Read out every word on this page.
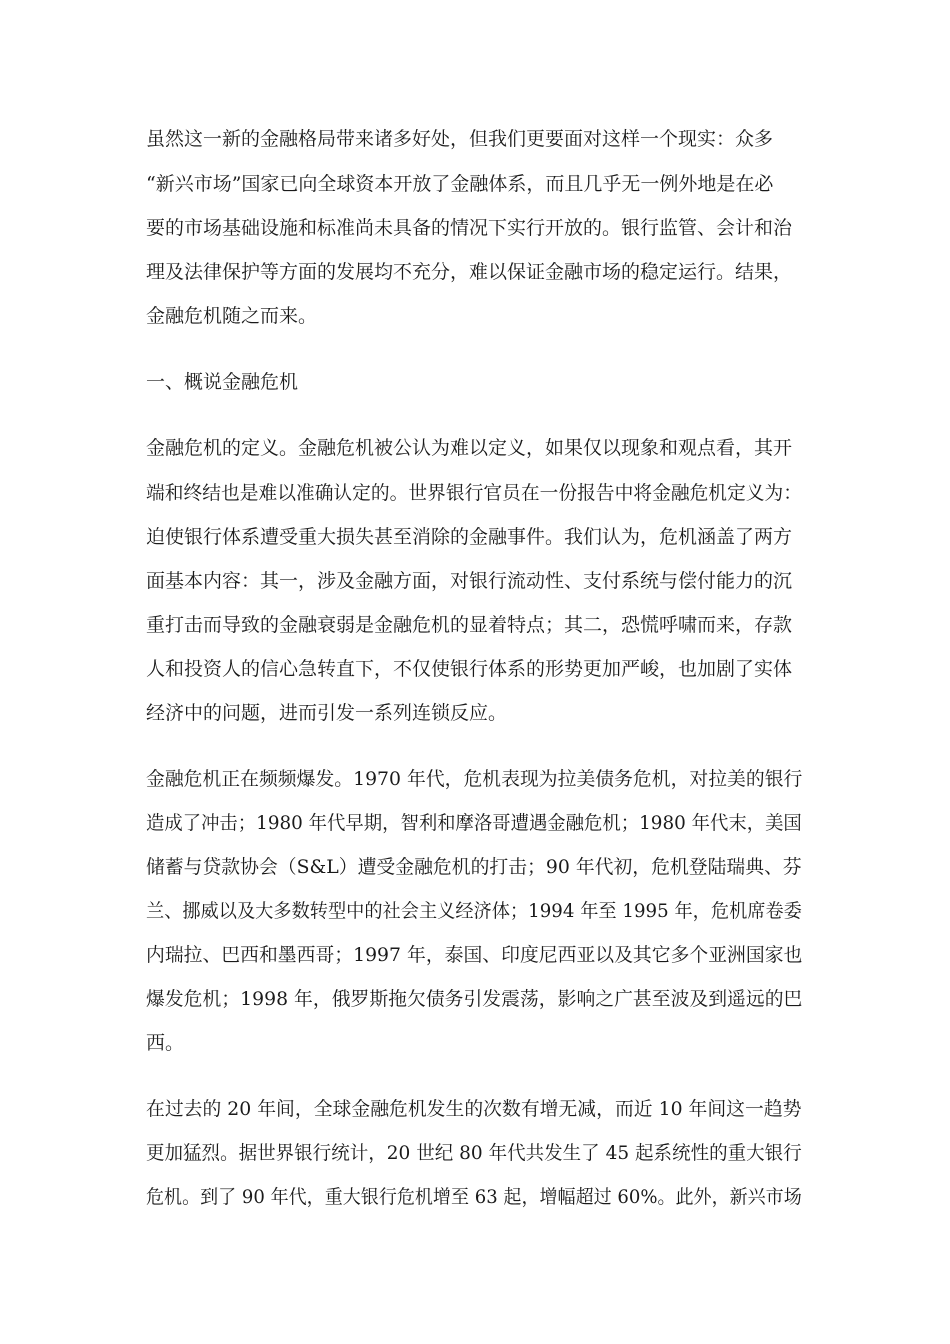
虽然这一新的金融格局带来诸多好处，但我们更要面对这样一个现实：众多

“新兴市场”国家已向全球资本开放了金融体系，而且几乎无一例外地是在必

要的市场基础设施和标准尚未具备的情况下实行开放的。银行监管、会计和治

理及法律保护等方面的发展均不充分，难以保证金融市场的稳定运行。结果，

金融危机随之而来。

一、概说金融危机

金融危机的定义。金融危机被公认为难以定义，如果仅以现象和观点看，其开

端和终结也是难以准确认定的。世界银行官员在一份报告中将金融危机定义为：

迫使银行体系遭受重大损失甚至消除的金融事件。我们认为，危机涵盖了两方

面基本内容：其一，涉及金融方面，对银行流动性、支付系统与偿付能力的沉

重打击而导致的金融衰弱是金融危机的显着特点；其二，恐慌呼啸而来，存款

人和投资人的信心急转直下，不仅使银行体系的形势更加严峻，也加剧了实体

经济中的问题，进而引发一系列连锁反应。

金融危机正在频频爆发。1970 年代，危机表现为拉美债务危机，对拉美的银行

造成了冲击；1980 年代早期，智利和摩洛哥遭遇金融危机；1980 年代末，美国

储蓄与贷款协会（S&L）遭受金融危机的打击；90 年代初，危机登陆瑞典、芬

兰、挪威以及大多数转型中的社会主义经济体；1994 年至 1995 年，危机席卷委

内瑞拉、巴西和墨西哥；1997 年，泰国、印度尼西亚以及其它多个亚洲国家也

爆发危机；1998 年，俄罗斯拖欠债务引发震荡，影响之广甚至波及到遥远的巴

西。

在过去的 20 年间，全球金融危机发生的次数有增无减，而近 10 年间这一趋势

更加猛烈。据世界银行统计，20 世纪 80 年代共发生了 45 起系统性的重大银行

危机。到了 90 年代，重大银行危机增至 63 起，增幅超过 60%。此外，新兴市场
